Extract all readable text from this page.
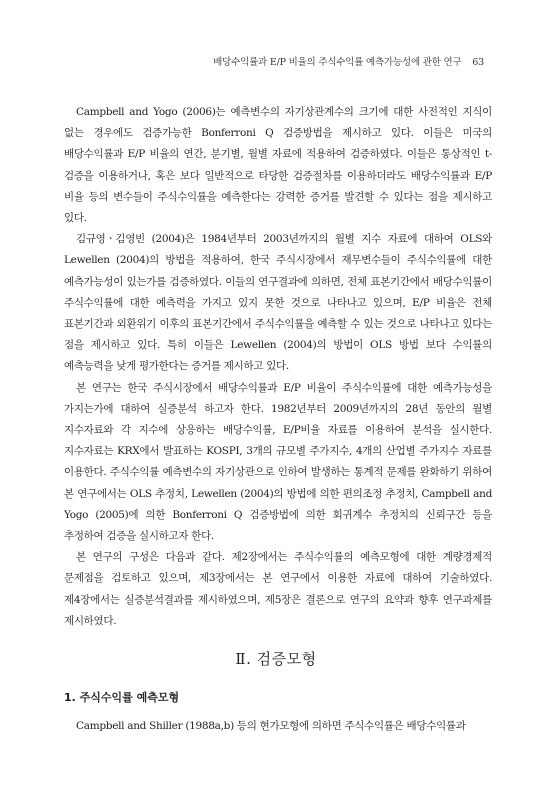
배당수익률과 E/P 비율의 주식수익률 예측가능성에 관한 연구 63

Campbell and Yogo (2006)는 예측변수의 자기상관계수의 크기에 대한 사전적인 지식이 없는 경우에도 검증가능한 Bonferroni Q 검증방법을 제시하고 있다. 이들은 미국의 배당수익률과 E/P 비율의 연간, 분기별, 월별 자료에 적용하여 검증하였다. 이들은 통상적인 t-검증을 이용하거나, 혹은 보다 일반적으로 타당한 검증절차를 이용하더라도 배당수익률과 E/P 비율 등의 변수들이 주식수익률을 예측한다는 강력한 증거를 발견할 수 있다는 점을 제시하고 있다.

김규영ㆍ김영빈 (2004)은 1984년부터 2003년까지의 월별 지수 자료에 대하여 OLS와 Lewellen (2004)의 방법을 적용하여, 한국 주식시장에서 재무변수들이 주식수익률에 대한 예측가능성이 있는가를 검증하였다. 이들의 연구결과에 의하면, 전체 표본기간에서 배당수익률이 주식수익률에 대한 예측력을 가지고 있지 못한 것으로 나타나고 있으며, E/P 비율은 전체 표본기간과 외환위기 이후의 표본기간에서 주식수익률을 예측할 수 있는 것으로 나타나고 있다는 점을 제시하고 있다. 특히 이들은 Lewellen (2004)의 방법이 OLS 방법 보다 수익률의 예측능력을 낮게 평가한다는 증거를 제시하고 있다.

본 연구는 한국 주식시장에서 배당수익률과 E/P 비율이 주식수익률에 대한 예측가능성을 가지는가에 대하여 실증분석 하고자 한다. 1982년부터 2009년까지의 28년 동안의 월별 지수자료와 각 지수에 상응하는 배당수익률, E/P비율 자료를 이용하여 분석을 실시한다. 지수자료는 KRX에서 발표하는 KOSPI, 3개의 규모별 주가지수, 4개의 산업별 주가지수 자료를 이용한다. 주식수익률 예측변수의 자기상관으로 인하여 발생하는 통계적 문제를 완화하기 위하여 본 연구에서는 OLS 추정치, Lewellen (2004)의 방법에 의한 편의조정 추정치, Campbell and Yogo (2005)에 의한 Bonferroni Q 검증방법에 의한 회귀계수 추정치의 신뢰구간 등을 추정하여 검증을 실시하고자 한다.

본 연구의 구성은 다음과 같다. 제2장에서는 주식수익률의 예측모형에 대한 계량경제적 문제점을 검토하고 있으며, 제3장에서는 본 연구에서 이용한 자료에 대하여 기술하였다. 제4장에서는 실증분석결과를 제시하였으며, 제5장은 결론으로 연구의 요약과 향후 연구과제를 제시하였다.

Ⅱ. 검증모형
1. 주식수익률 예측모형

Campbell and Shiller (1988a,b) 등의 현가모형에 의하면 주식수익률은 배당수익률과
